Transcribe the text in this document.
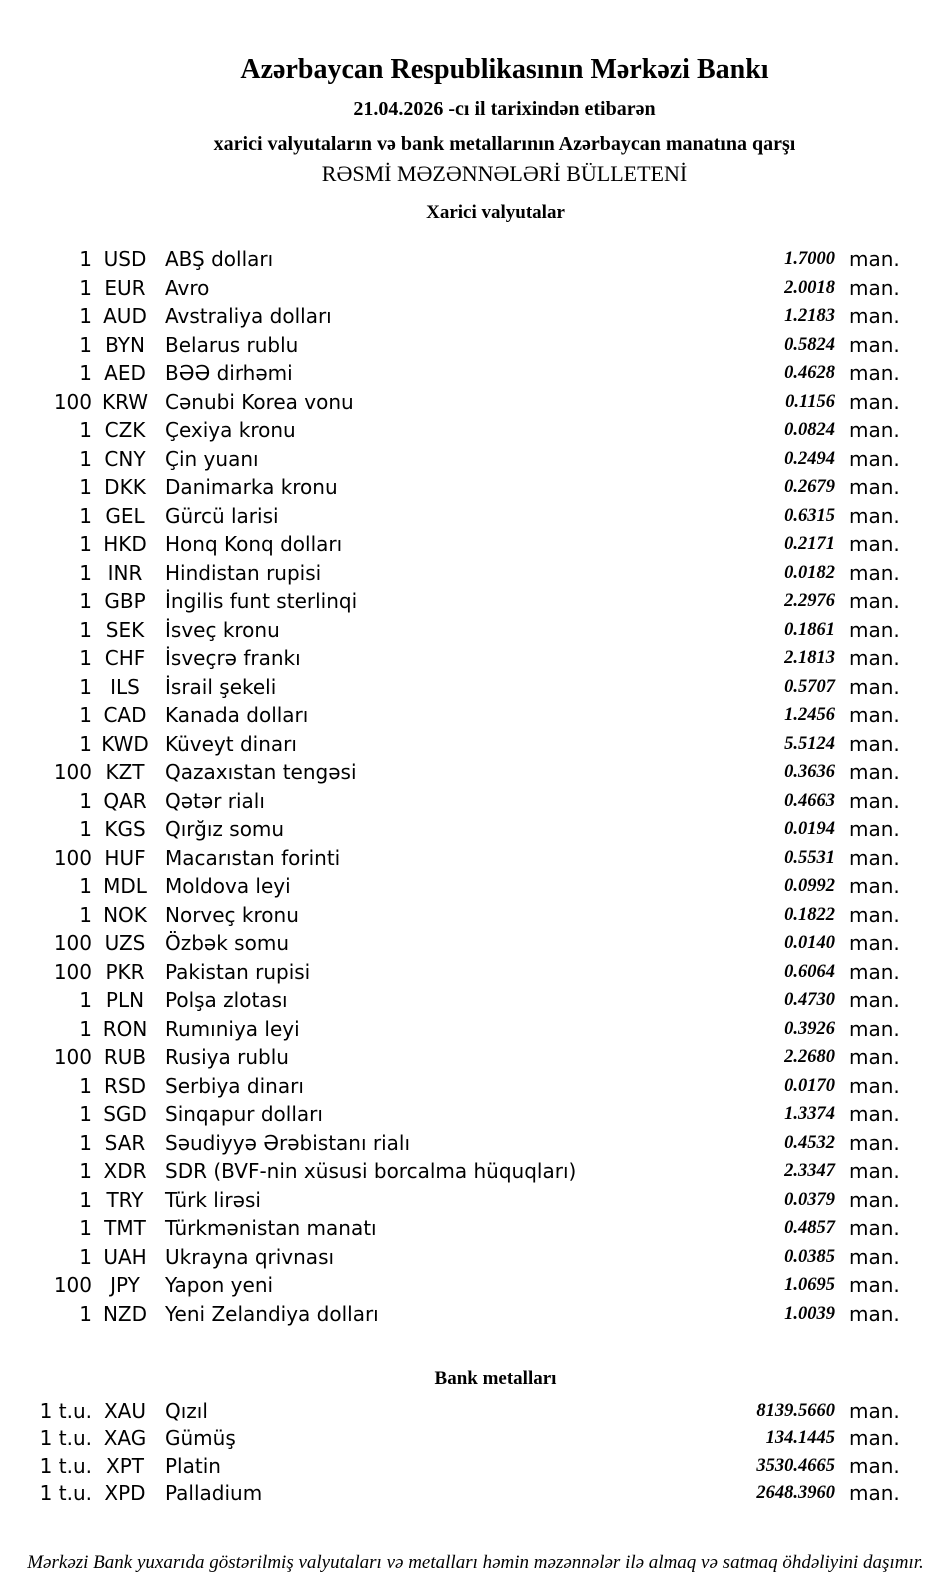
Azərbaycan Respublikasının Mərkəzi Bankı
21.04.2026 -cı il tarixindən etibarən
xarici valyutaların və bank metallarının Azərbaycan manatına qarşı
RƏSMİ MƏZƏNNƏLƏRİ BÜLLETENİ
Xarici valyutalar
1 USD ABŞ dolları	1.7000 man.
1 EUR Avro	2.0018 man.
1 AUD Avstraliya dolları	1.2183 man.
1 BYN	Belarus rublu	0.5824 man.
1 AED BƏƏ dirhəmi	0.4628 man.
100 KRW Cənubi Korea vonu	0.1156 man.
1 CZK Çexiya kronu	0.0824 man.
1 CNY Çin yuanı	0.2494 man.
1 DKK Danimarka kronu	0.2679 man.
1 GEL	Gürcü larisi	0.6315 man.
1 HKD Honq Konq dolları	0.2171 man.
1 INR	Hindistan rupisi	0.0182 man.
1 GBP İngilis funt sterlinqi	2.2976 man.
1 SEK	İsveç kronu	0.1861 man.
1 CHF İsveçrə frankı	2.1813 man.
1 ILS	İsrail şekeli	0.5707 man.
1 CAD Kanada dolları	1.2456 man.
1 KWD Küveyt dinarı	5.5124 man.
100 KZT	Qazaxıstan tengəsi	0.3636 man.
1 QAR Qətər rialı	0.4663 man.
1 KGS Qırğız somu	0.0194 man.
100 HUF Macarıstan forinti	0.5531 man.
1 MDL Moldova leyi	0.0992 man.
1 NOK Norveç kronu	0.1822 man.
100 UZS Özbək somu	0.0140 man.
100 PKR	Pakistan rupisi	0.6064 man.
1 PLN	Polşa zlotası	0.4730 man.
1 RON Rumıniya leyi	0.3926 man.
100 RUB Rusiya rublu	2.2680 man.
1 RSD Serbiya dinarı	0.0170 man.
1 SGD Sinqapur dolları	1.3374 man.
1 SAR Səudiyyə Ərəbistanı rialı	0.4532 man.
1 XDR SDR (BVF-nin xüsusi borcalma hüquqları)	2.3347 man.
1 TRY	Türk lirəsi	0.0379 man.
1 TMT Türkmənistan manatı	0.4857 man.
1 UAH Ukrayna qrivnası	0.0385 man.
100 JPY	Yapon yeni	1.0695 man.
1 NZD Yeni Zelandiya dolları	1.0039 man.
Bank metalları
1 t.u. XAU Qızıl	8139.5660 man.
1 t.u. XAG Gümüş	134.1445 man.
1 t.u. XPT	Platin	3530.4665 man.
1 t.u. XPD Palladium	2648.3960 man.
Mərkəzi Bank yuxarıda göstərilmiş valyutaları və metalları həmin məzənnələr ilə almaq və satmaq öhdəliyini daşımır.
